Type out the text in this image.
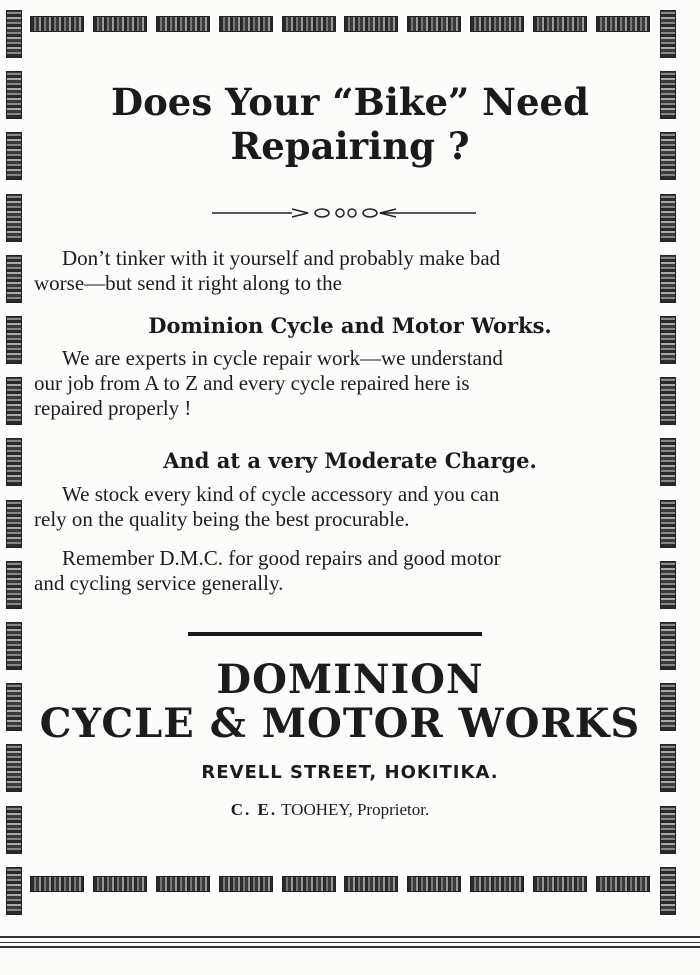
Does Your “Bike” Need
Repairing ?
Don’t tinker with it yourself and probably make bad
worse—but send it right along to the
Dominion Cycle and Motor Works.
We are experts in cycle repair work—we understand
our job from A to Z and every cycle repaired here is
repaired properly !
And at a very Moderate Charge.
We stock every kind of cycle accessory and you can
rely on the quality being the best procurable.
Remember D.M.C. for good repairs and good motor
and cycling service generally.
DOMINION
CYCLE & MOTOR WORKS
REVELL STREET, HOKITIKA.
C. E. TOOHEY, Proprietor.
